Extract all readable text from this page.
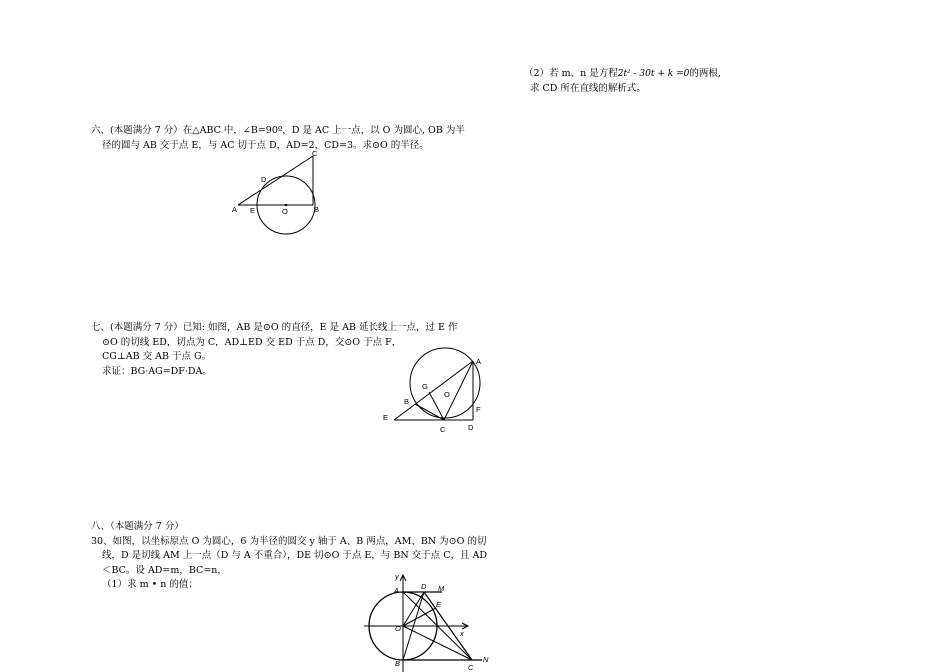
（2）若 m、n 是方程2t² - 30t + k =0的两根,
求 CD 所在直线的解析式。
六、(本题满分 7 分）在△ABC 中，∠B=90º，D 是 AC 上一点，以 O 为圆心, OB 为半
径的圆与 AB 交于点 E，与 AC 切于点 D，AD=2，CD=3。求⊙O 的半径。
A E	O	B
C
D
七、(本题满分 7 分）已知: 如图，AB 是⊙O 的直径，E 是 AB 延长线上一点，过 E 作
⊙O 的切线 ED，切点为 C，AD⊥ED 交 ED 于点 D，交⊙O 于点 F，
CG⊥AB 交 AB 于点 G。
求证：BG·AG=DF·DA。
A
G
O
B
E
C	D
F
八、（本题满分 7 分）
30、如图，以坐标原点 O 为圆心，6 为半径的圆交 y 轴于 A、B 两点，AM、BN 为⊙O 的切
线，D 是切线 AM 上一点（D 与 A 不重合），DE 切⊙O 于点 E，与 BN 交于点 C，且 AD
＜BC。设 AD=m，BC=n，
（1）求 m • n 的值；
y
A	D M
E
O
x
B	C
N
